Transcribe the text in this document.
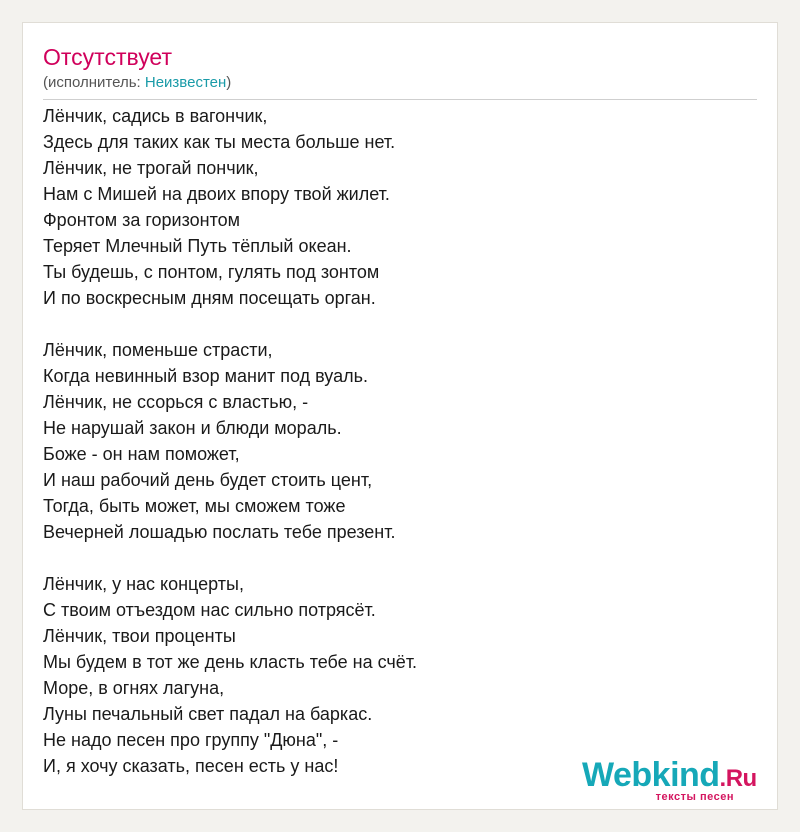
Отсутствует
(исполнитель: Неизвестен)
Лёнчик, садись в вагончик,
Здесь для таких как ты места больше нет.
Лёнчик, не трогай пончик,
Нам с Мишей на двоих впору твой жилет.
Фронтом за горизонтом
Теряет Млечный Путь тёплый океан.
Ты будешь, с понтом, гулять под зонтом
И по воскресным дням посещать орган.
Лёнчик, поменьше страсти,
Когда невинный взор манит под вуаль.
Лёнчик, не ссорься с властью, -
Не нарушай закон и блюди мораль.
Боже - он нам поможет,
И наш рабочий день будет стоить цент,
Тогда, быть может, мы сможем тоже
Вечерней лошадью послать тебе презент.
Лёнчик, у нас концерты,
С твоим отъездом нас сильно потрясёт.
Лёнчик, твои проценты
Мы будем в тот же день класть тебе на счёт.
Море, в огнях лагуна,
Луны печальный свет падал на баркас.
Не надо песен про группу "Дюна", -
И, я хочу сказать, песен есть у нас!	Webkind.Ru
тексты песен
